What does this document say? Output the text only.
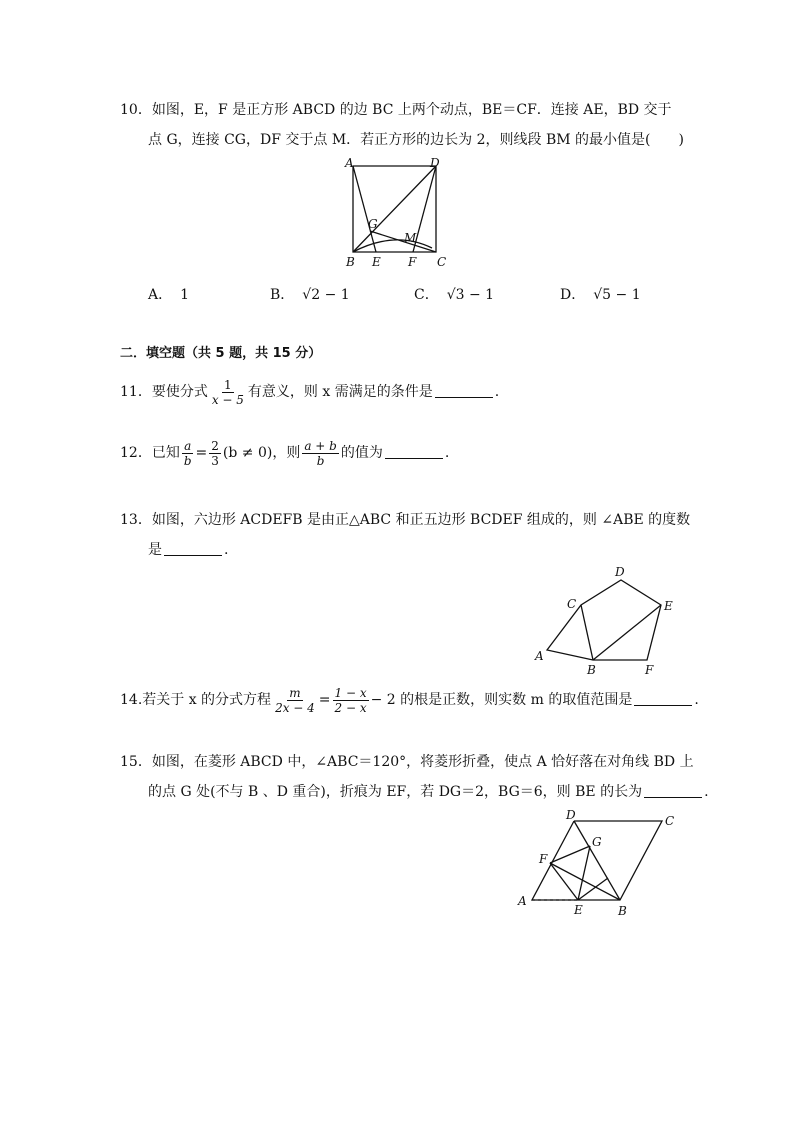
10．如图，E，F 是正方形 ABCD 的边 BC 上两个动点，BE＝CF．连接 AE，BD 交于
点 G，连接 CG，DF 交于点 M．若正方形的边长为 2，则线段 BM 的最小值是(　　)
A	D
G
M
B E F C
A． 1	B． √2 − 1	C． √3 − 1	D． √5 − 1
二．填空题（共 5 题，共 15 分）
11．要使分式 $\frac{1}{x - 5}$ 有意义，则 x 需满足的条件是	.
12．已知 $\frac{a}{b} = \frac{2}{3} (b \ne 0)$，则 $\frac{a + b}{b}$ 的值为	.
13．如图，六边形 ACDEFB 是由正△ABC 和正五边形 BCDEF 组成的，则 ∠ABE 的度数
是	.
A
C
D
E
F
B
14.若关于 x 的分式方程 $\frac{m}{2x - 4} = \frac{1 - x}{2 - x} - 2$ 的根是正数，则实数 m 的取值范围是	.
15．如图，在菱形 ABCD 中，∠ABC＝120°，将菱形折叠，使点 A 恰好落在对角线 BD 上
的点 G 处(不与 B 、D 重合)，折痕为 EF，若 DG＝2，BG＝6，则 BE 的长为	.
A
B
C
D
E
F
G
